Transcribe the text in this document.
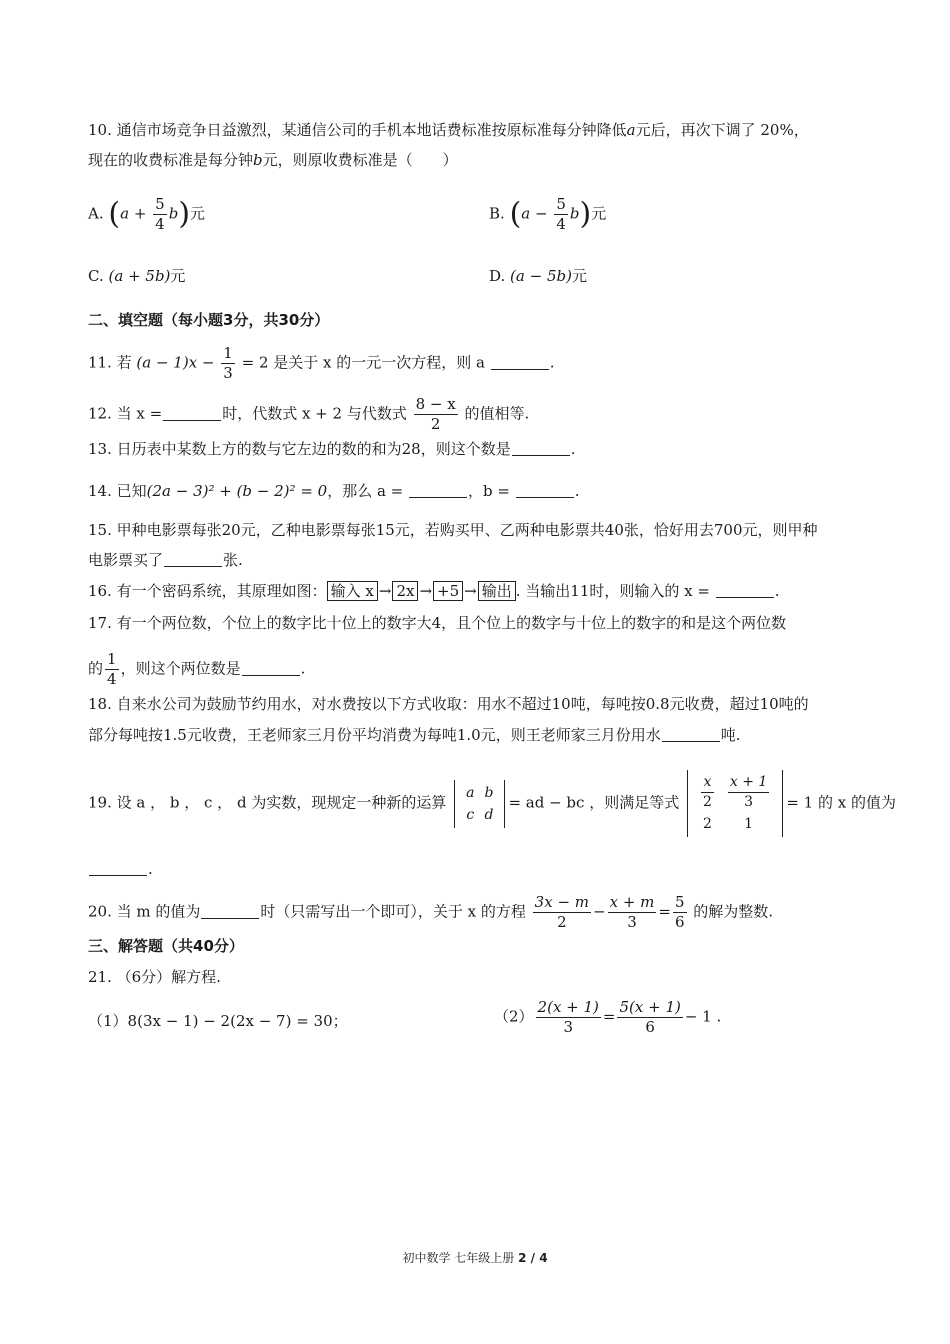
10. 通信市场竞争日益激烈，某通信公司的手机本地话费标准按原标准每分钟降低a元后，再次下调了 20%，
现在的收费标准是每分钟b元，则原收费标准是（　　）
A. $(a + \frac{5}{4} b)$元	B. $(a - \frac{5}{4} b)$元
C. (a + 5b)元	D. (a − 5b)元
二、填空题（每小题3分，共30分）
11. 若 $(a - 1)x - \frac{1}{3} = 2$ 是关于 x 的一元一次方程，则 a	.
12. 当 x =	时，代数式 x + 2 与代数式 $\frac{8 - x}{2}$ 的值相等.
13. 日历表中某数上方的数与它左边的数的和为28，则这个数是	.
14. 已知(2a − 3)² + (b − 2)² = 0，那么 a =	，b =	.
15. 甲种电影票每张20元，乙种电影票每张15元，若购买甲、乙两种电影票共40张，恰好用去700元，则甲种
电影票买了	张.
16. 有一个密码系统，其原理如图： 输入 x → 2x → +5 → 输出 . 当输出11时，则输入的 x =	.
17. 有一个两位数，个位上的数字比十位上的数字大4，且个位上的数字与十位上的数字的和是这个两位数
的 $\frac{1}{4}$ ，则这个两位数是	.
18. 自来水公司为鼓励节约用水，对水费按以下方式收取：用水不超过10吨，每吨按0.8元收费，超过10吨的
部分每吨按1.5元收费，王老师家三月份平均消费为每吨1.0元，则王老师家三月份用水	吨.
19. 设 a ， b ， c ， d 为实数，现规定一种新的运算
a	b
c	d
= ad − bc ，则满足等式 $\frac{x}{2}$	$\frac{x + 1}{3}$

2	1
= 1 的 x 的值为
.
20. 当 m 的值为	时（只需写出一个即可），关于 x 的方程 $\frac{3x - m}{2} - \frac{x + m}{3} = \frac{5}{6}$ 的解为整数.
三、解答题（共40分）
21. （6分）解方程.
（1）8(3x − 1) − 2(2x − 7) = 30；	$(2) \frac{2(x + 1)}{3} = \frac{5(x + 1)}{6} - 1$ .
初中数学 七年级上册 2 / 4
